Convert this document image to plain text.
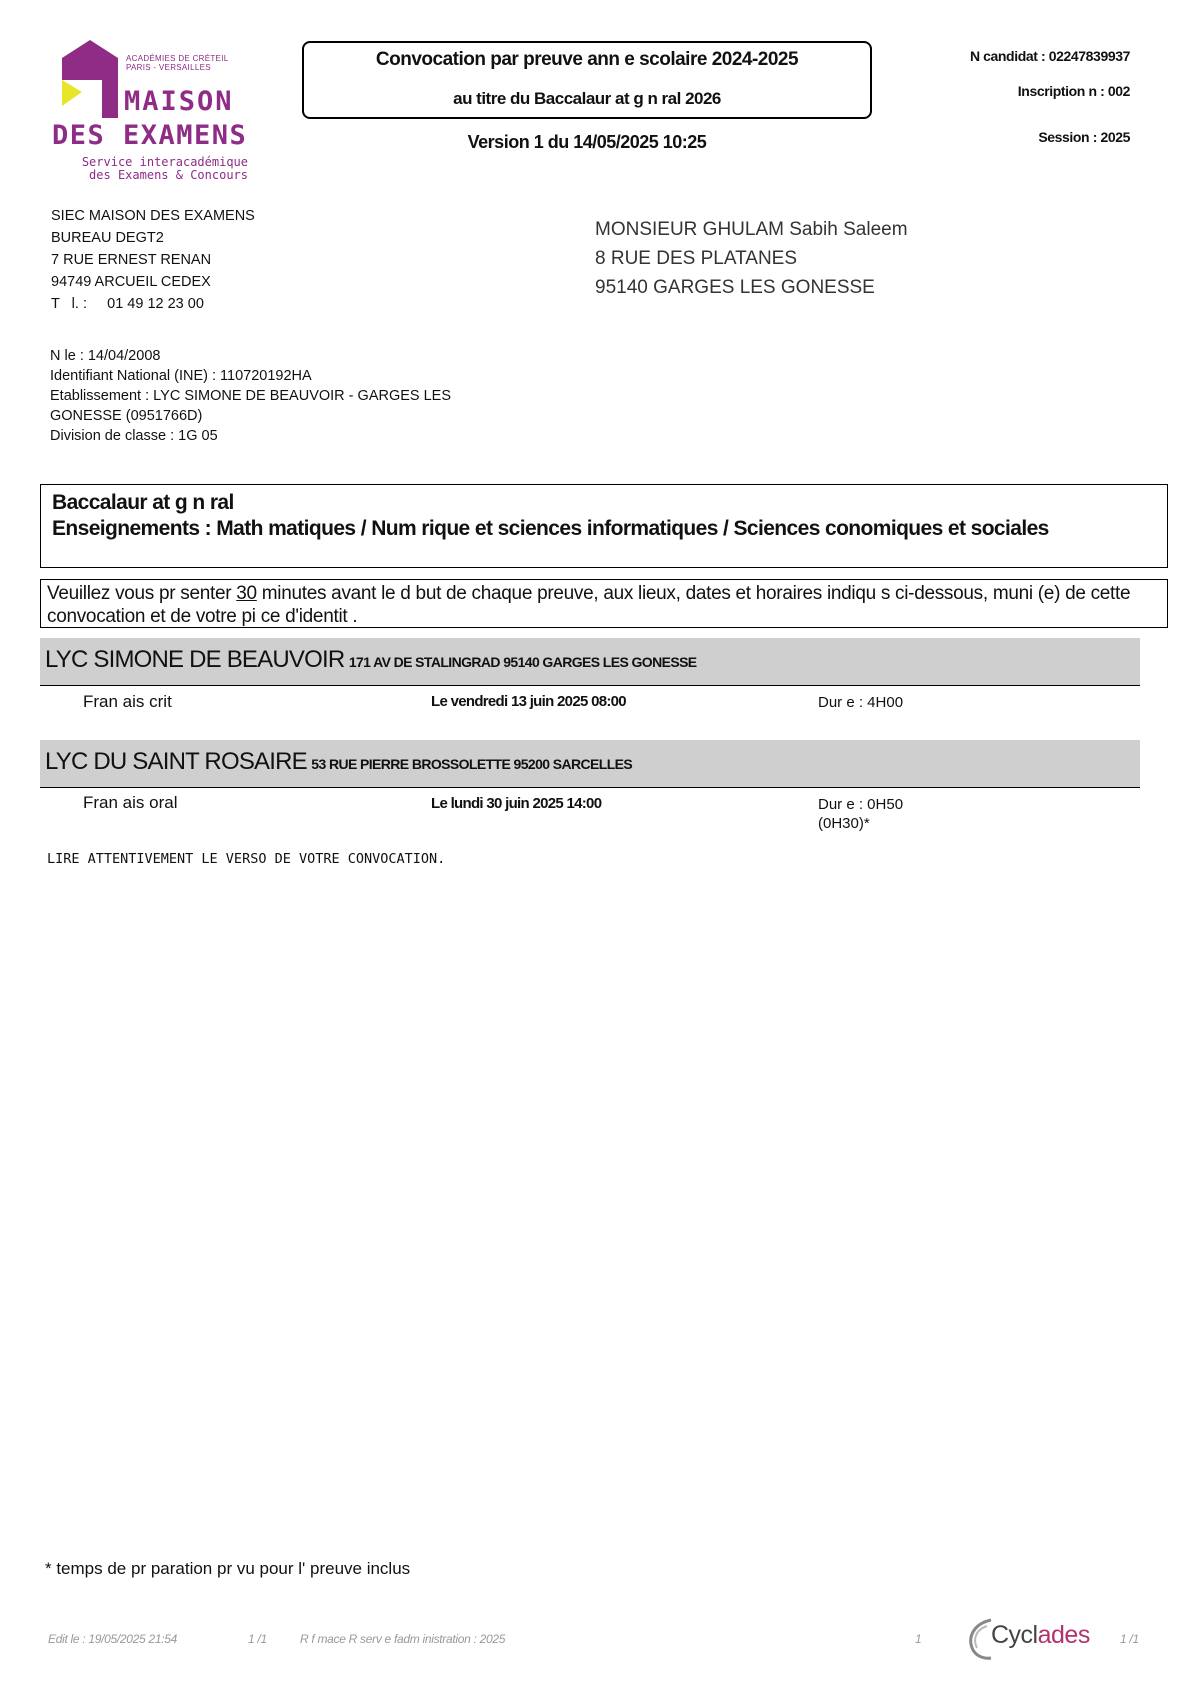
ACADÉMIES DE CRÉTEIL
PARIS - VERSAILLES
MAISON
DES EXAMENS
Service interacadémique
des Examens & Concours
Convocation par preuve ann e scolaire 2024-2025
au titre du Baccalaur at g n ral 2026
Version 1 du 14/05/2025 10:25
N candidat : 02247839937
Inscription n : 002
Session : 2025
SIEC MAISON DES EXAMENS
BUREAU DEGT2
7 RUE ERNEST RENAN
94749 ARCUEIL CEDEX
T   l. :     01 49 12 23 00
MONSIEUR GHULAM Sabih Saleem
8 RUE DES PLATANES
95140 GARGES LES GONESSE
N le : 14/04/2008
Identifiant National (INE) : 110720192HA
Etablissement : LYC SIMONE DE BEAUVOIR - GARGES LES GONESSE (0951766D)
Division de classe : 1G 05
Baccalaur at g n ral
Enseignements : Math matiques / Num rique et sciences informatiques / Sciences conomiques et sociales
Veuillez vous pr senter 30 minutes avant le d but de chaque preuve, aux lieux, dates et horaires indiqu s ci-dessous, muni (e) de cette convocation et de votre pi ce d'identit .
LYC SIMONE DE BEAUVOIR 171 AV DE STALINGRAD 95140 GARGES LES GONESSE
Fran ais crit	Le vendredi 13 juin 2025 08:00	Dur e : 4H00
LYC DU SAINT ROSAIRE 53 RUE PIERRE BROSSOLETTE 95200 SARCELLES
Fran ais oral	Le lundi 30 juin 2025 14:00	Dur e : 0H50
(0H30)*
LIRE ATTENTIVEMENT LE VERSO DE VOTRE CONVOCATION.
* temps de pr paration pr vu pour l' preuve inclus
Edit le : 19/05/2025 21:54	1 /1	R f mace R serv e fadm inistration : 2025	1	1 /1
Cyclades
